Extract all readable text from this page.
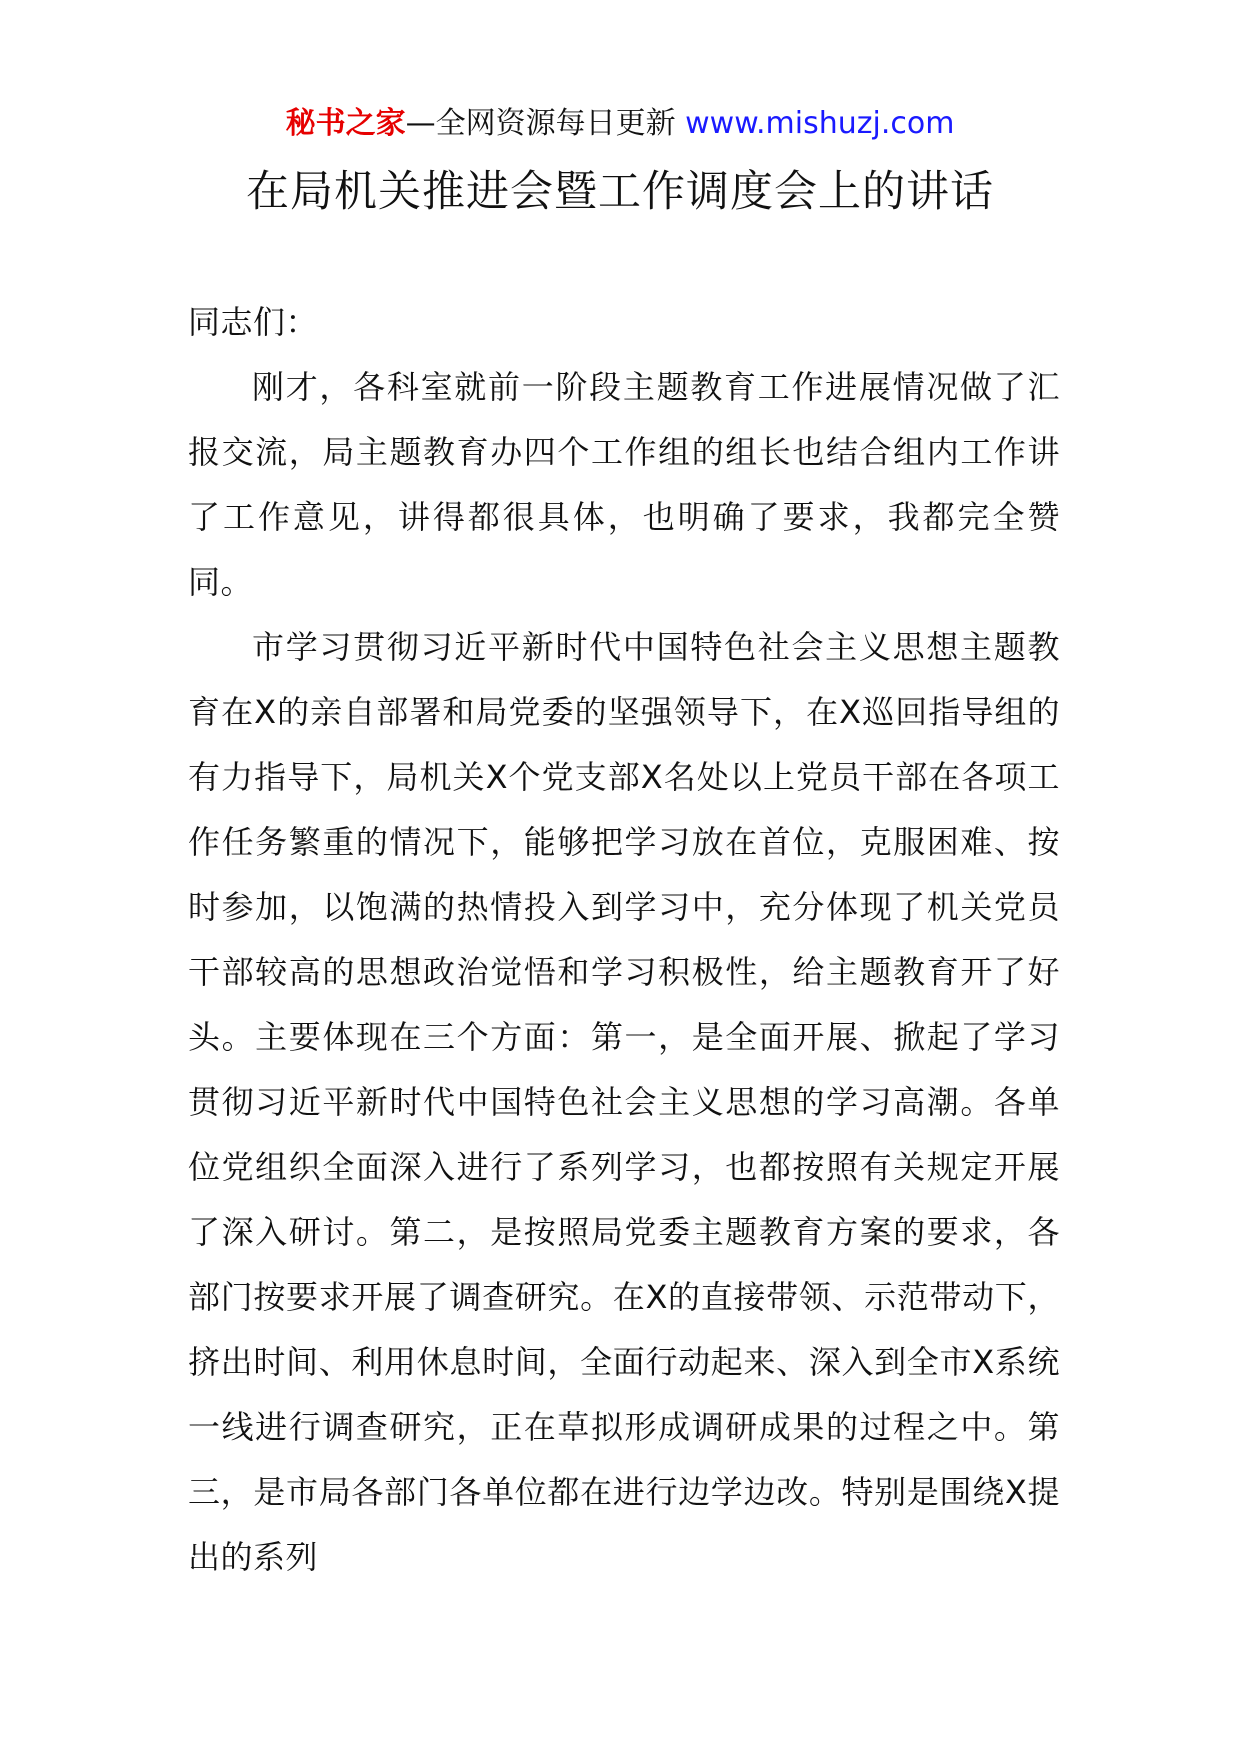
秘书之家—全网资源每日更新 www.mishuzj.com
在局机关推进会暨工作调度会上的讲话

同志们：

刚才，各科室就前一阶段主题教育工作进展情况做了汇报交流，局主题教育办四个工作组的组长也结合组内工作讲了工作意见，讲得都很具体，也明确了要求，我都完全赞同。

市学习贯彻习近平新时代中国特色社会主义思想主题教育在X的亲自部署和局党委的坚强领导下，在X巡回指导组的有力指导下，局机关X个党支部X名处以上党员干部在各项工作任务繁重的情况下，能够把学习放在首位，克服困难、按时参加，以饱满的热情投入到学习中，充分体现了机关党员干部较高的思想政治觉悟和学习积极性，给主题教育开了好头。主要体现在三个方面：第一，是全面开展、掀起了学习贯彻习近平新时代中国特色社会主义思想的学习高潮。各单位党组织全面深入进行了系列学习，也都按照有关规定开展了深入研讨。第二，是按照局党委主题教育方案的要求，各部门按要求开展了调查研究。在X的直接带领、示范带动下，挤出时间、利用休息时间，全面行动起来、深入到全市X系统一线进行调查研究，正在草拟形成调研成果的过程之中。第三，是市局各部门各单位都在进行边学边改。特别是围绕X提出的系列
